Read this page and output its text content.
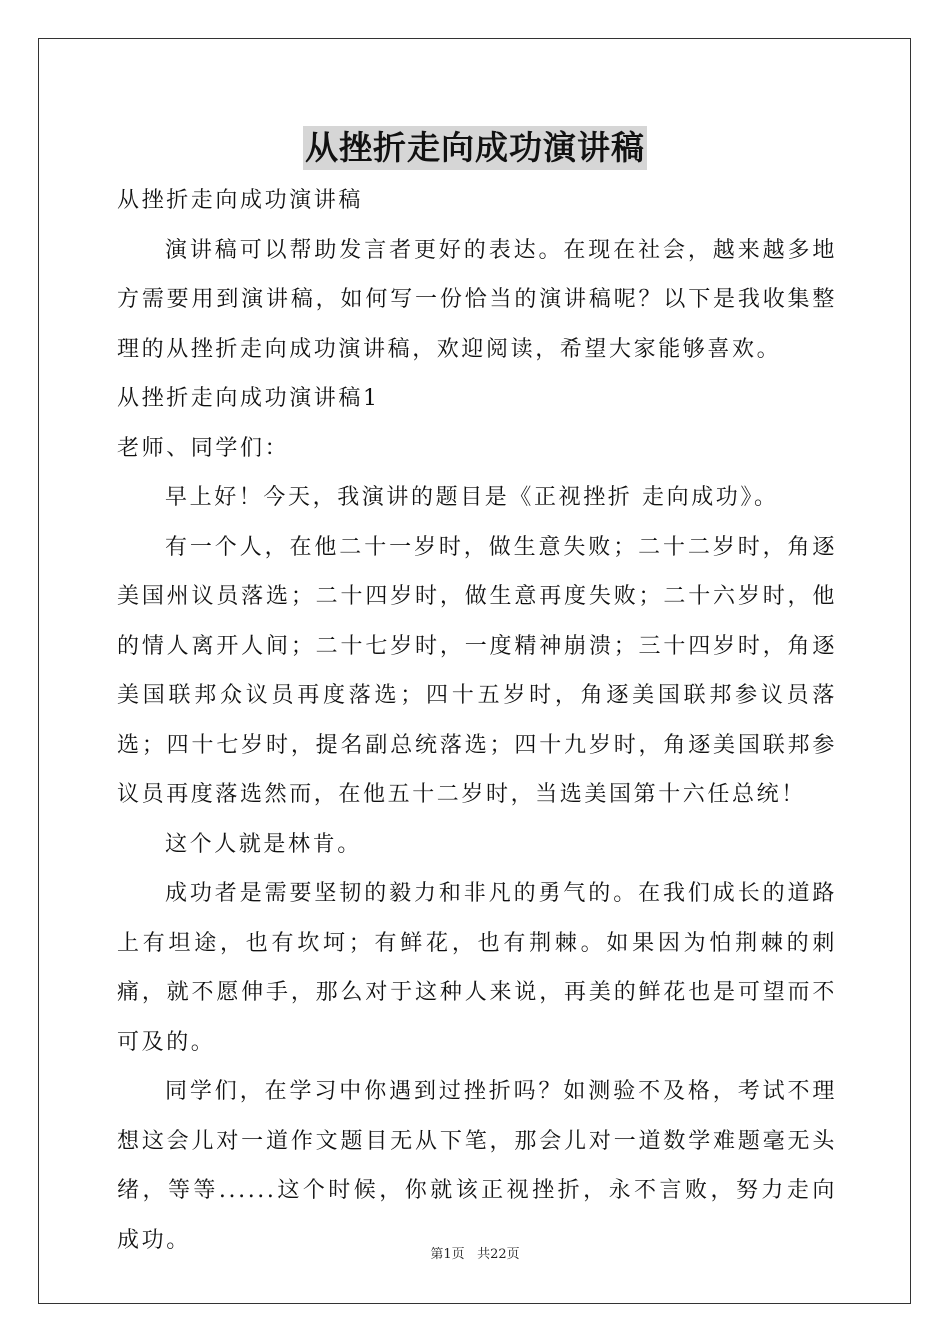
从挫折走向成功演讲稿

从挫折走向成功演讲稿

演讲稿可以帮助发言者更好的表达。在现在社会，越来越多地方需要用到演讲稿，如何写一份恰当的演讲稿呢？以下是我收集整理的从挫折走向成功演讲稿，欢迎阅读，希望大家能够喜欢。

从挫折走向成功演讲稿1

老师、同学们：

早上好！今天，我演讲的题目是《正视挫折 走向成功》。

有一个人，在他二十一岁时，做生意失败；二十二岁时，角逐美国州议员落选；二十四岁时，做生意再度失败；二十六岁时，他的情人离开人间；二十七岁时，一度精神崩溃；三十四岁时，角逐美国联邦众议员再度落选；四十五岁时，角逐美国联邦参议员落选；四十七岁时，提名副总统落选；四十九岁时，角逐美国联邦参议员再度落选然而，在他五十二岁时，当选美国第十六任总统！

这个人就是林肯。

成功者是需要坚韧的毅力和非凡的勇气的。在我们成长的道路上有坦途，也有坎坷；有鲜花，也有荆棘。如果因为怕荆棘的刺痛，就不愿伸手，那么对于这种人来说，再美的鲜花也是可望而不可及的。

同学们，在学习中你遇到过挫折吗？如测验不及格，考试不理想这会儿对一道作文题目无从下笔，那会儿对一道数学难题毫无头绪，等等......这个时候，你就该正视挫折，永不言败，努力走向成功。

第1页 共22页
